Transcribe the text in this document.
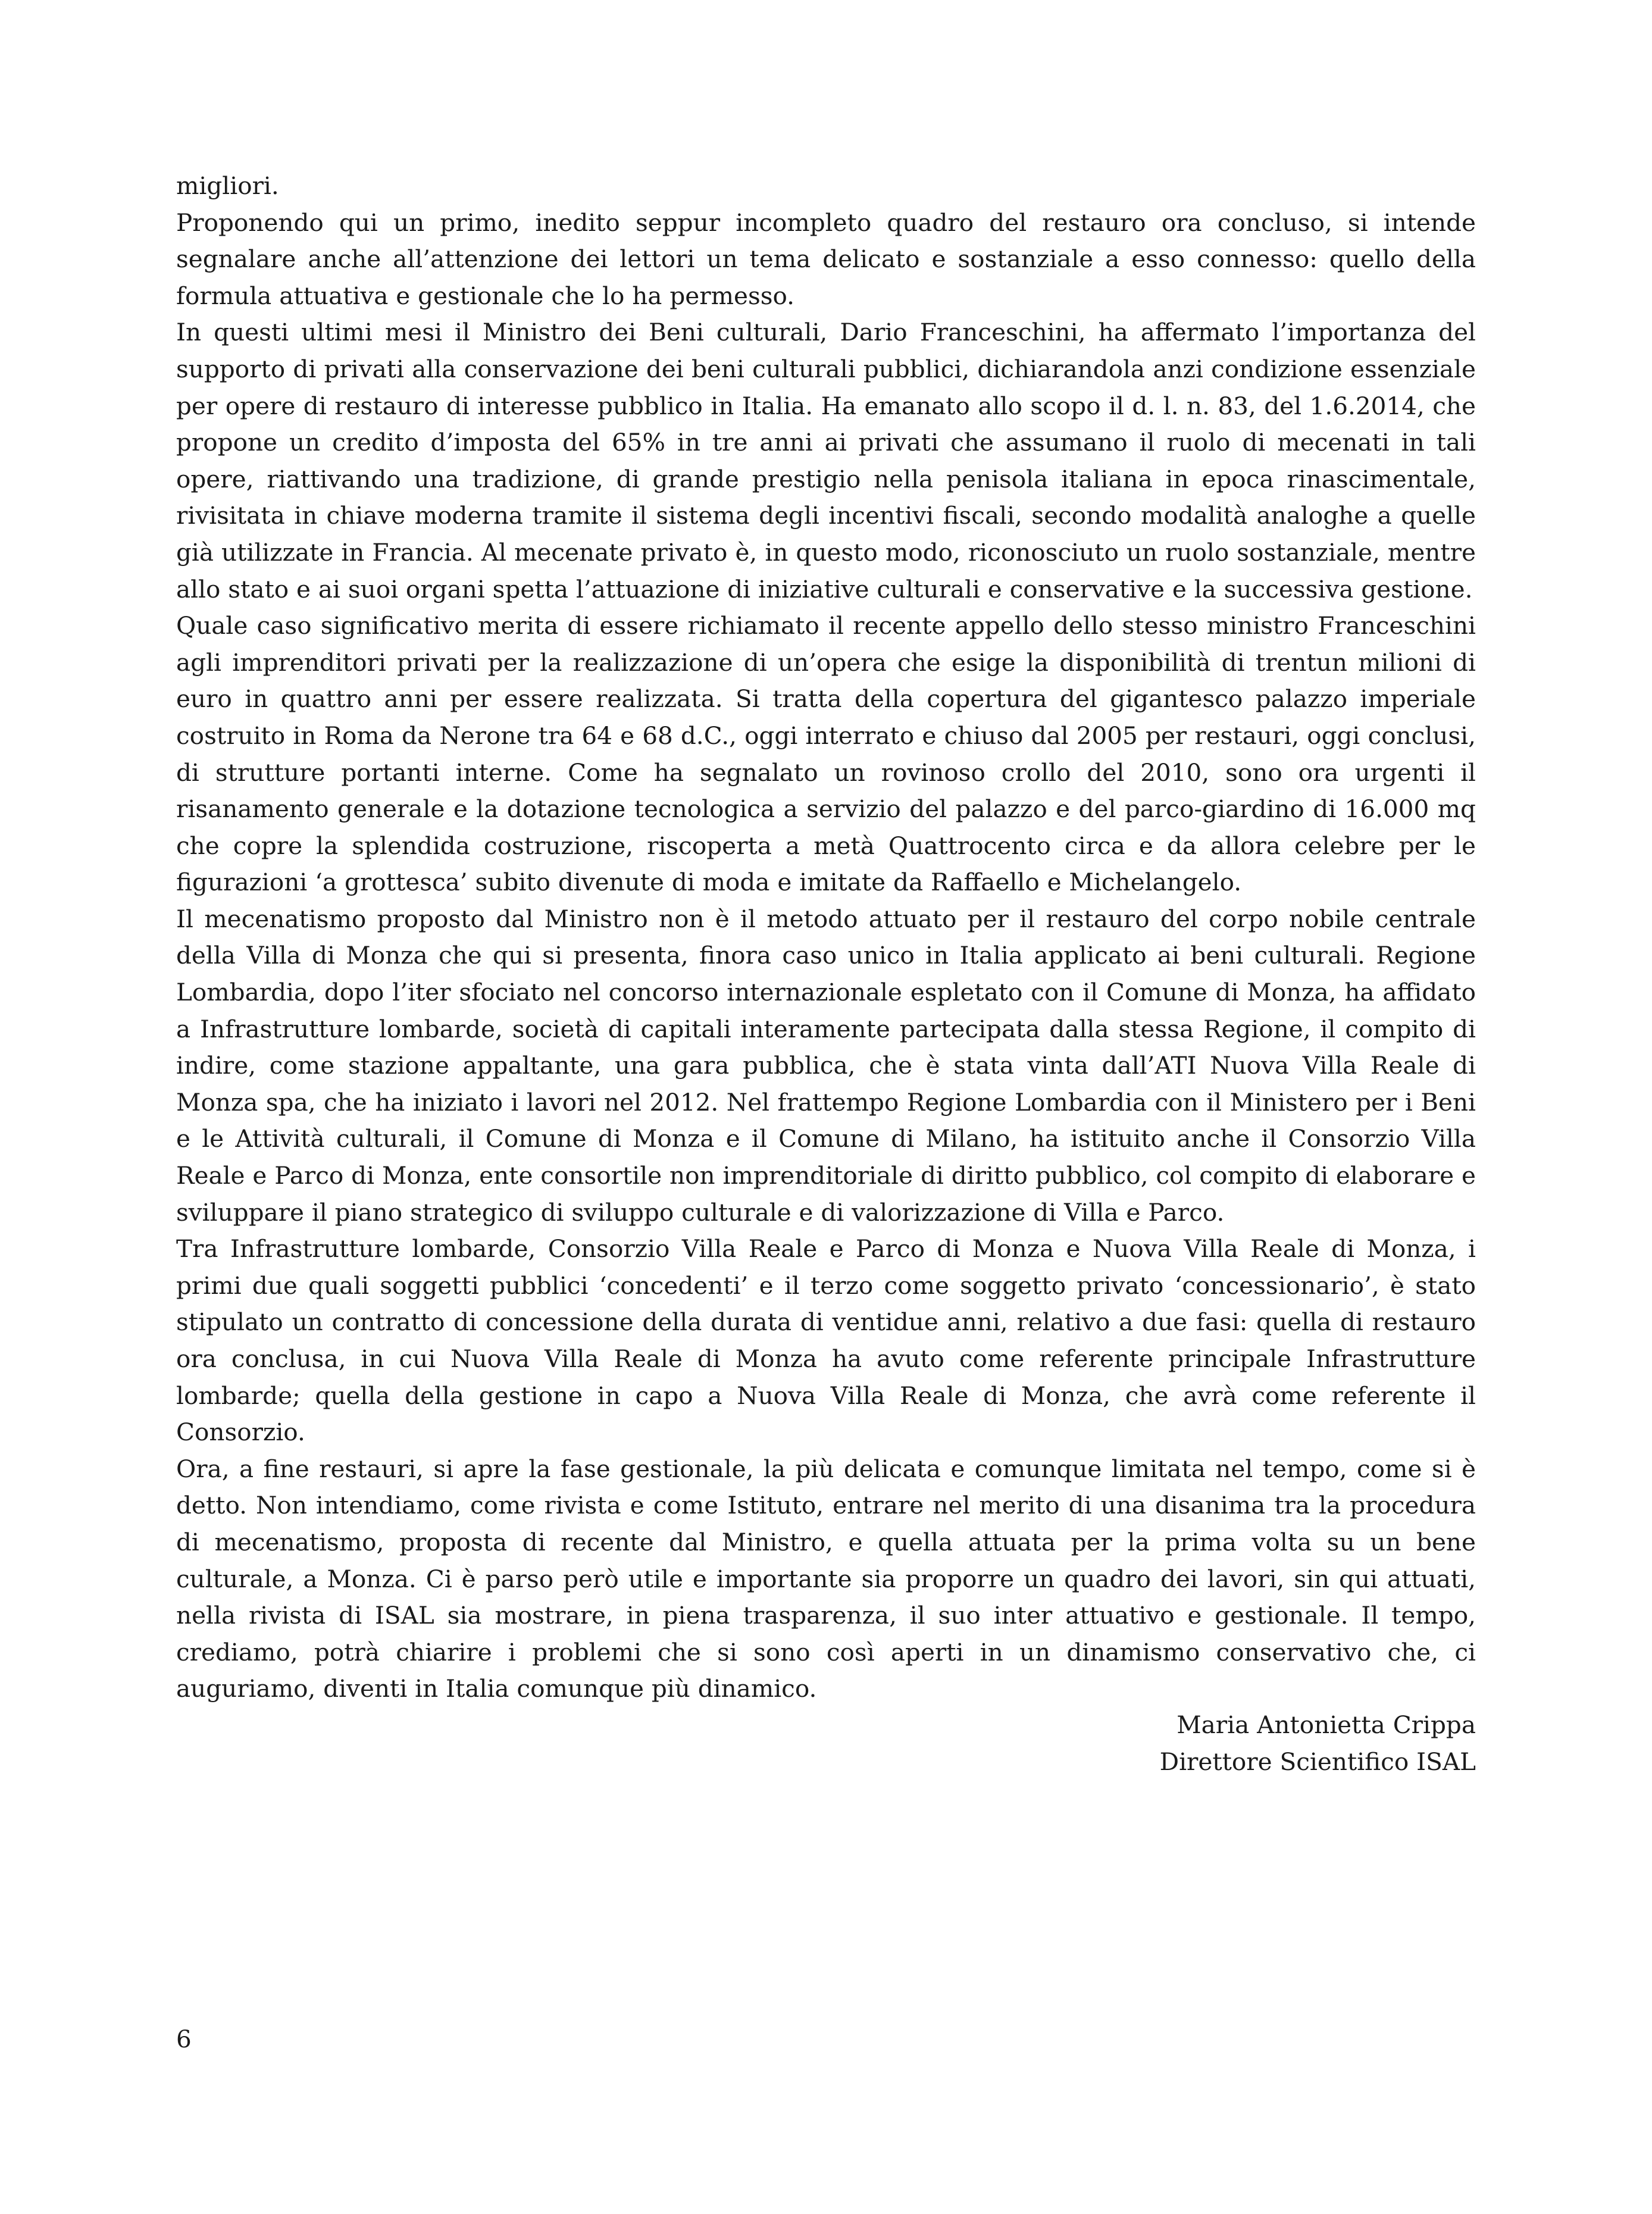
migliori.

Proponendo qui un primo, inedito seppur incompleto quadro del restauro ora concluso, si intende segnalare anche all’attenzione dei lettori un tema delicato e sostanziale a esso connesso: quello della formula attuativa e gestionale che lo ha permesso.

In questi ultimi mesi il Ministro dei Beni culturali, Dario Franceschini, ha affermato l’importanza del supporto di privati alla conservazione dei beni culturali pubblici, dichiarandola anzi condizione essenziale per opere di restauro di interesse pubblico in Italia. Ha emanato allo scopo il d. l. n. 83, del 1.6.2014, che propone un credito d’imposta del 65% in tre anni ai privati che assumano il ruolo di mecenati in tali opere, riattivando una tradizione, di grande prestigio nella penisola italiana in epoca rinascimentale, rivisitata in chiave moderna tramite il sistema degli incentivi fiscali, secondo modalità analoghe a quelle già utilizzate in Francia. Al mecenate privato è, in questo modo, riconosciuto un ruolo sostanziale, mentre allo stato e ai suoi organi spetta l’attuazione di iniziative culturali e conservative e la successiva gestione.

Quale caso significativo merita di essere richiamato il recente appello dello stesso ministro Franceschini agli imprenditori privati per la realizzazione di un’opera che esige la disponibilità di trentun milioni di euro in quattro anni per essere realizzata. Si tratta della copertura del gigantesco palazzo imperiale costruito in Roma da Nerone tra 64 e 68 d.C., oggi interrato e chiuso dal 2005 per restauri, oggi conclusi, di strutture portanti interne. Come ha segnalato un rovinoso crollo del 2010, sono ora urgenti il risanamento generale e la dotazione tecnologica a servizio del palazzo e del parco-giardino di 16.000 mq che copre la splendida costruzione, riscoperta a metà Quattrocento circa e da allora celebre per le figurazioni ‘a grottesca’ subito divenute di moda e imitate da Raffaello e Michelangelo.

Il mecenatismo proposto dal Ministro non è il metodo attuato per il restauro del corpo nobile centrale della Villa di Monza che qui si presenta, finora caso unico in Italia applicato ai beni culturali. Regione Lombardia, dopo l’iter sfociato nel concorso internazionale espletato con il Comune di Monza, ha affidato a Infrastrutture lombarde, società di capitali interamente partecipata dalla stessa Regione, il compito di indire, come stazione appaltante, una gara pubblica, che è stata vinta dall’ATI Nuova Villa Reale di Monza spa, che ha iniziato i lavori nel 2012. Nel frattempo Regione Lombardia con il Ministero per i Beni e le Attività culturali, il Comune di Monza e il Comune di Milano, ha istituito anche il Consorzio Villa Reale e Parco di Monza, ente consortile non imprenditoriale di diritto pubblico, col compito di elaborare e sviluppare il piano strategico di sviluppo culturale e di valorizzazione di Villa e Parco.

Tra Infrastrutture lombarde, Consorzio Villa Reale e Parco di Monza e Nuova Villa Reale di Monza, i primi due quali soggetti pubblici ‘concedenti’ e il terzo come soggetto privato ‘concessionario’, è stato stipulato un contratto di concessione della durata di ventidue anni, relativo a due fasi: quella di restauro ora conclusa, in cui Nuova Villa Reale di Monza ha avuto come referente principale Infrastrutture lombarde; quella della gestione in capo a Nuova Villa Reale di Monza, che avrà come referente il Consorzio.

Ora, a fine restauri, si apre la fase gestionale, la più delicata e comunque limitata nel tempo, come si è detto. Non intendiamo, come rivista e come Istituto, entrare nel merito di una disanima tra la procedura di mecenatismo, proposta di recente dal Ministro, e quella attuata per la prima volta su un bene culturale, a Monza. Ci è parso però utile e importante sia proporre un quadro dei lavori, sin qui attuati, nella rivista di ISAL sia mostrare, in piena trasparenza, il suo inter attuativo e gestionale. Il tempo, crediamo, potrà chiarire i problemi che si sono così aperti in un dinamismo conservativo che, ci auguriamo, diventi in Italia comunque più dinamico.

Maria Antonietta Crippa
Direttore Scientifico ISAL
6
